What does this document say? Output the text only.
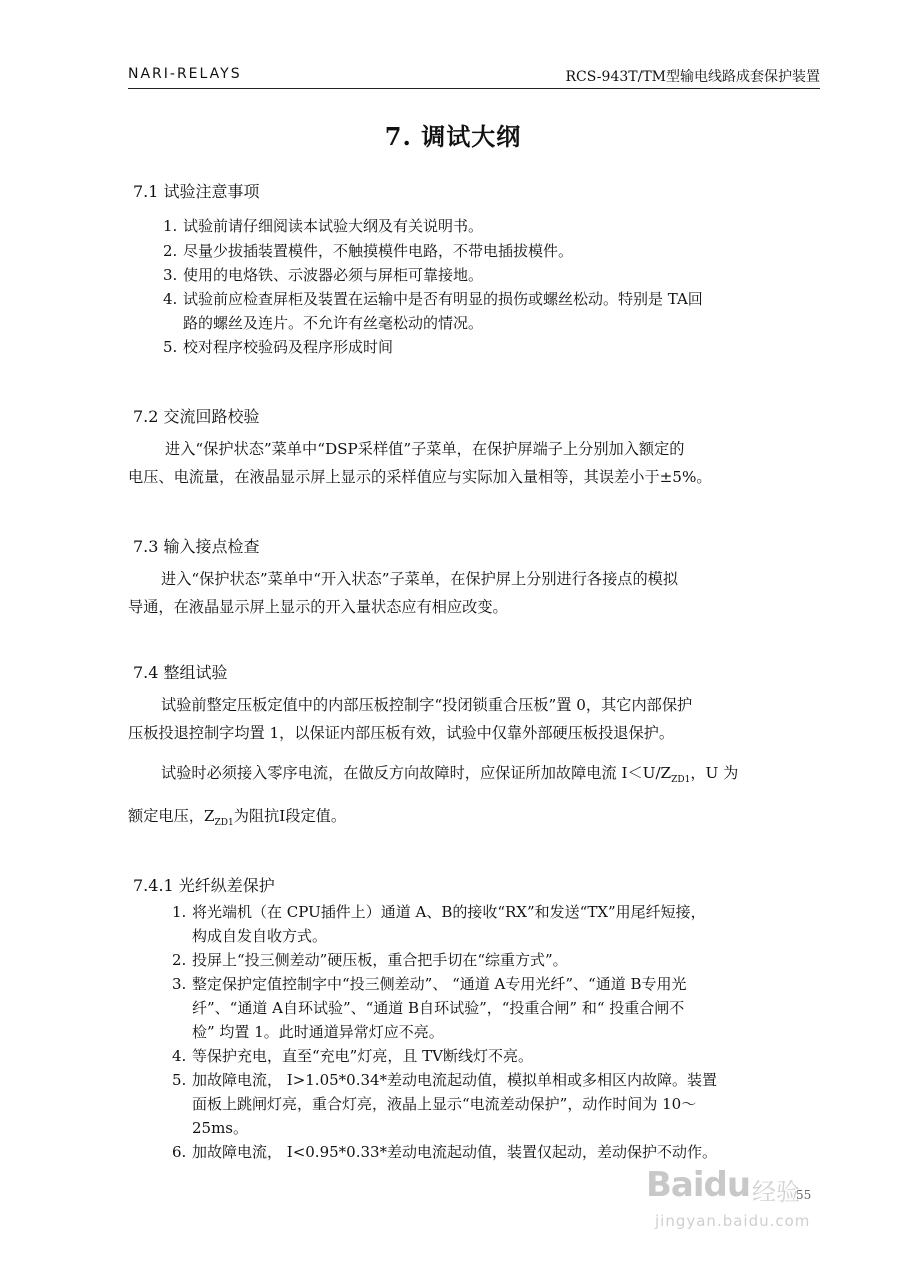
NARI-RELAYS	RCS-943T/TM型输电线路成套保护装置
7. 调试大纲
7.1 试验注意事项
1. 试验前请仔细阅读本试验大纲及有关说明书。
2. 尽量少拔插装置模件，不触摸模件电路，不带电插拔模件。
3. 使用的电烙铁、示波器必须与屏柜可靠接地。
4. 试验前应检查屏柜及装置在运输中是否有明显的损伤或螺丝松动。特别是 TA回
路的螺丝及连片。不允许有丝毫松动的情况。
5. 校对程序校验码及程序形成时间
7.2 交流回路校验
进入“保护状态”菜单中“DSP采样值”子菜单，在保护屏端子上分别加入额定的
电压、电流量，在液晶显示屏上显示的采样值应与实际加入量相等，其误差小于±5%。
7.3 输入接点检查
进入“保护状态”菜单中“开入状态”子菜单，在保护屏上分别进行各接点的模拟
导通，在液晶显示屏上显示的开入量状态应有相应改变。
7.4 整组试验
试验前整定压板定值中的内部压板控制字“投闭锁重合压板”置 0，其它内部保护
压板投退控制字均置 1，以保证内部压板有效，试验中仅靠外部硬压板投退保护。
试验时必须接入零序电流，在做反方向故障时，应保证所加故障电流 $I<U/Z_{ZD1}$，U 为
额定电压，$Z_{ZD1}$为阻抗Ⅰ段定值。
7.4.1 光纤纵差保护
1. 将光端机（在 CPU插件上）通道 A、B的接收“RX”和发送“TX”用尾纤短接，
构成自发自收方式。
2. 投屏上“投三侧差动”硬压板，重合把手切在“综重方式”。
3. 整定保护定值控制字中“投三侧差动”、 “通道 A专用光纤”、“通道 B专用光
纤”、“通道 A自环试验”、“通道 B自环试验”，“投重合闸” 和“ 投重合闸不
检” 均置 1。此时通道异常灯应不亮。
4. 等保护充电，直至“充电”灯亮，且 TV断线灯不亮。
5. 加故障电流， I>1.05*0.34*差动电流起动值，模拟单相或多相区内故障。装置
面板上跳闸灯亮，重合灯亮，液晶上显示“电流差动保护”，动作时间为 10～
25ms。
6. 加故障电流， I<0.95*0.33*差动电流起动值，装置仅起动，差动保护不动作。
Baidu 经验
55
jingyan.baidu.com
